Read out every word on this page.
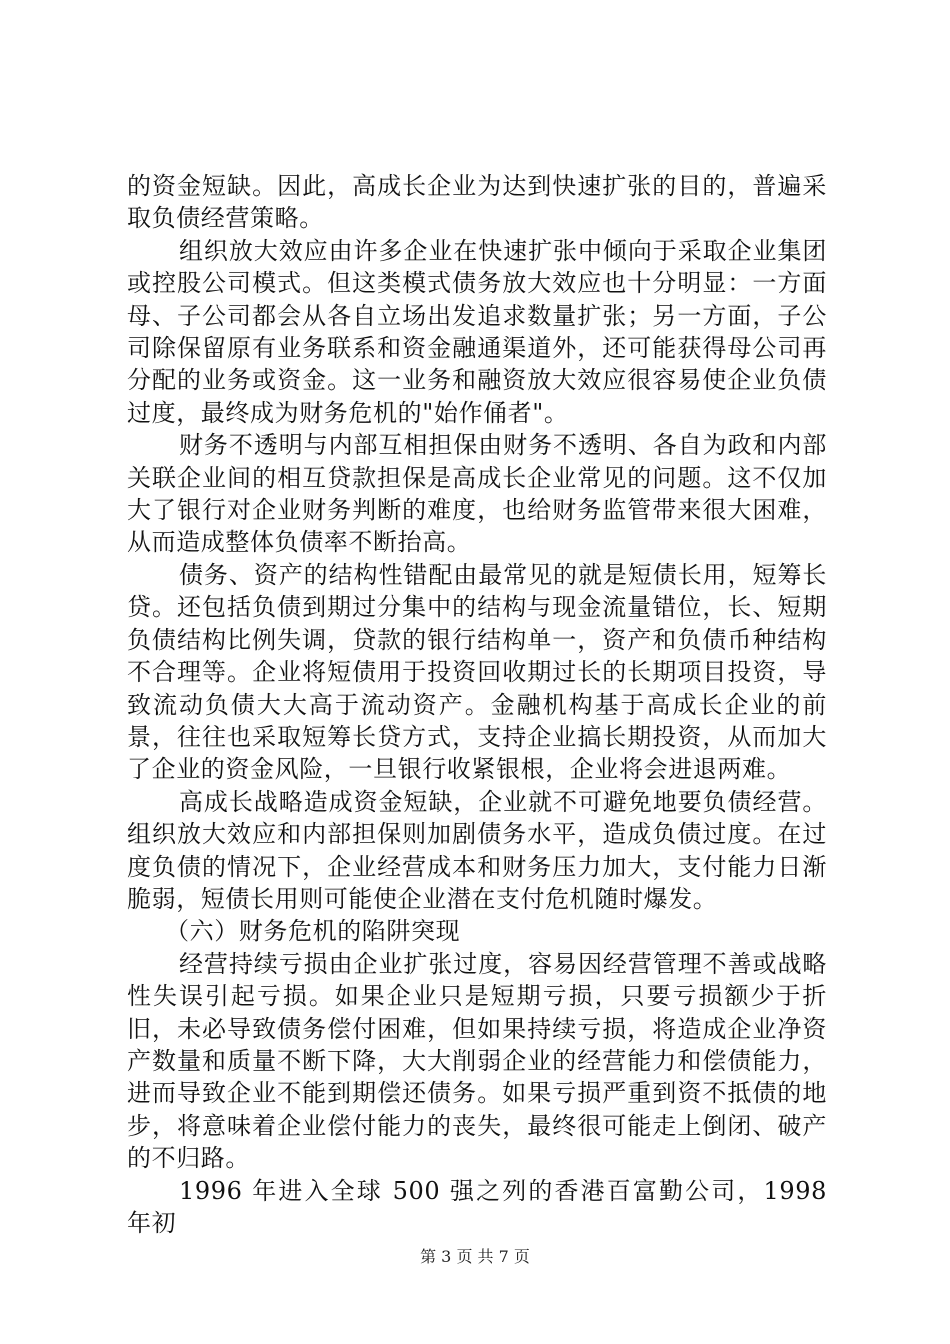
的资金短缺。因此，高成长企业为达到快速扩张的目的，普遍采取负债经营策略。

组织放大效应由许多企业在快速扩张中倾向于采取企业集团或控股公司模式。但这类模式债务放大效应也十分明显：一方面母、子公司都会从各自立场出发追求数量扩张；另一方面，子公司除保留原有业务联系和资金融通渠道外，还可能获得母公司再分配的业务或资金。这一业务和融资放大效应很容易使企业负债过度，最终成为财务危机的"始作俑者"。

财务不透明与内部互相担保由财务不透明、各自为政和内部关联企业间的相互贷款担保是高成长企业常见的问题。这不仅加大了银行对企业财务判断的难度，也给财务监管带来很大困难，从而造成整体负债率不断抬高。

债务、资产的结构性错配由最常见的就是短债长用，短筹长贷。还包括负债到期过分集中的结构与现金流量错位，长、短期负债结构比例失调，贷款的银行结构单一，资产和负债币种结构不合理等。企业将短债用于投资回收期过长的长期项目投资，导致流动负债大大高于流动资产。金融机构基于高成长企业的前景，往往也采取短筹长贷方式，支持企业搞长期投资，从而加大了企业的资金风险，一旦银行收紧银根，企业将会进退两难。

高成长战略造成资金短缺，企业就不可避免地要负债经营。组织放大效应和内部担保则加剧债务水平，造成负债过度。在过度负债的情况下，企业经营成本和财务压力加大，支付能力日渐脆弱，短债长用则可能使企业潜在支付危机随时爆发。

（六）财务危机的陷阱突现

经营持续亏损由企业扩张过度，容易因经营管理不善或战略性失误引起亏损。如果企业只是短期亏损，只要亏损额少于折旧，未必导致债务偿付困难，但如果持续亏损，将造成企业净资产数量和质量不断下降，大大削弱企业的经营能力和偿债能力，进而导致企业不能到期偿还债务。如果亏损严重到资不抵债的地步，将意味着企业偿付能力的丧失，最终很可能走上倒闭、破产的不归路。

1996 年进入全球 500 强之列的香港百富勤公司，1998 年初

第 3 页 共 7 页
